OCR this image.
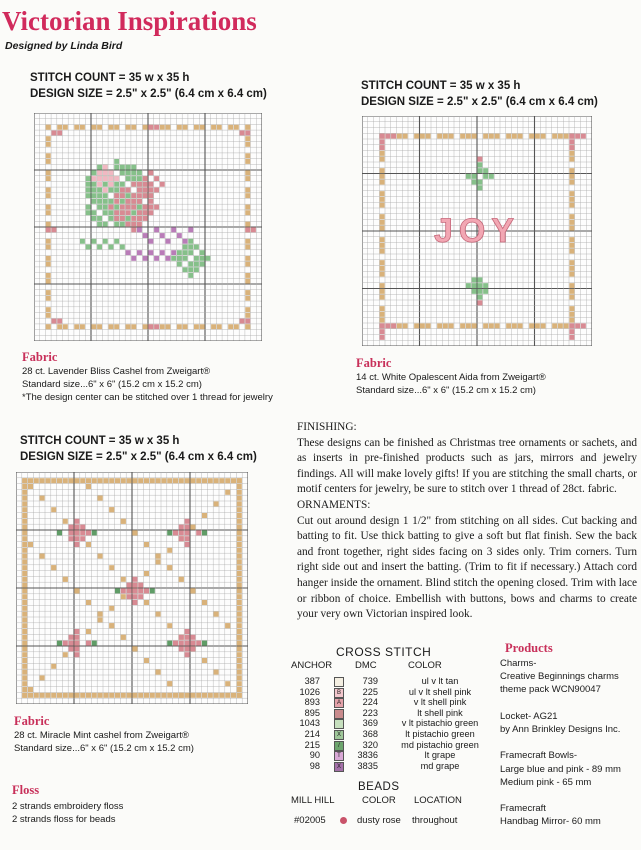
Victorian Inspirations
Designed by Linda Bird
STITCH COUNT = 35 w x 35 h
DESIGN SIZE = 2.5" x 2.5" (6.4 cm x 6.4 cm)
Fabric
28 ct. Lavender Bliss Cashel from Zweigart®
Standard size...6" x 6" (15.2 cm x 15.2 cm)
*The design center can be stitched over 1 thread for jewelry
STITCH COUNT = 35 w x 35 h
DESIGN SIZE = 2.5" x 2.5" (6.4 cm x 6.4 cm)
JOY
Fabric
14 ct. White Opalescent Aida from Zweigart®
Standard size...6" x 6" (15.2 cm x 15.2 cm)
STITCH COUNT = 35 w x 35 h
DESIGN SIZE = 2.5" x 2.5" (6.4 cm x 6.4 cm)
Fabric
28 ct. Miracle Mint cashel from Zweigart®
Standard size...6" x 6" (15.2 cm x 15.2 cm)

FINISHING:

These designs can be finished as Christmas tree ornaments or sachets, and as inserts in pre-finished products such as jars, mirrors and jewelry findings. All will make lovely gifts! If you are stitching the small charts, or motif centers for jewelry, be sure to stitch over 1 thread of 28ct. fabric.

ORNAMENTS:

Cut out around design 1 1/2" from stitching on all sides. Cut backing and batting to fit. Use thick batting to give a soft but flat finish. Sew the back and front together, right sides facing on 3 sides only. Trim corners. Turn right side out and insert the batting. (Trim to fit if necessary.) Attach cord hanger inside the ornament. Blind stitch the opening closed. Trim with lace or ribbon of choice. Embellish with buttons, bows and charms to create your very own Victorian inspired look.

CROSS STITCH
ANCHOR DMC	COLOR
387	739	ul v lt tan
1026	B	225	ul v lt shell pink
893	A	224	v lt shell pink
895	223	lt shell pink
1043	369	v lt pistachio green
214	X	368	lt pistachio green
215	/	320	md pistachio green
90	T	3836	lt grape
98	X	3835	md grape
BEADS
MILL HILL	COLOR LOCATION
#02005	dusty rose throughout
Products
Charms-
Creative Beginnings charms
theme pack WCN90047

Locket- AG21
by Ann Brinkley Designs Inc.

Framecraft Bowls-
Large blue and pink - 89 mm
Medium pink - 65 mm

Framecraft
Handbag Mirror- 60 mm
Floss
2 strands embroidery floss
2 strands floss for beads
